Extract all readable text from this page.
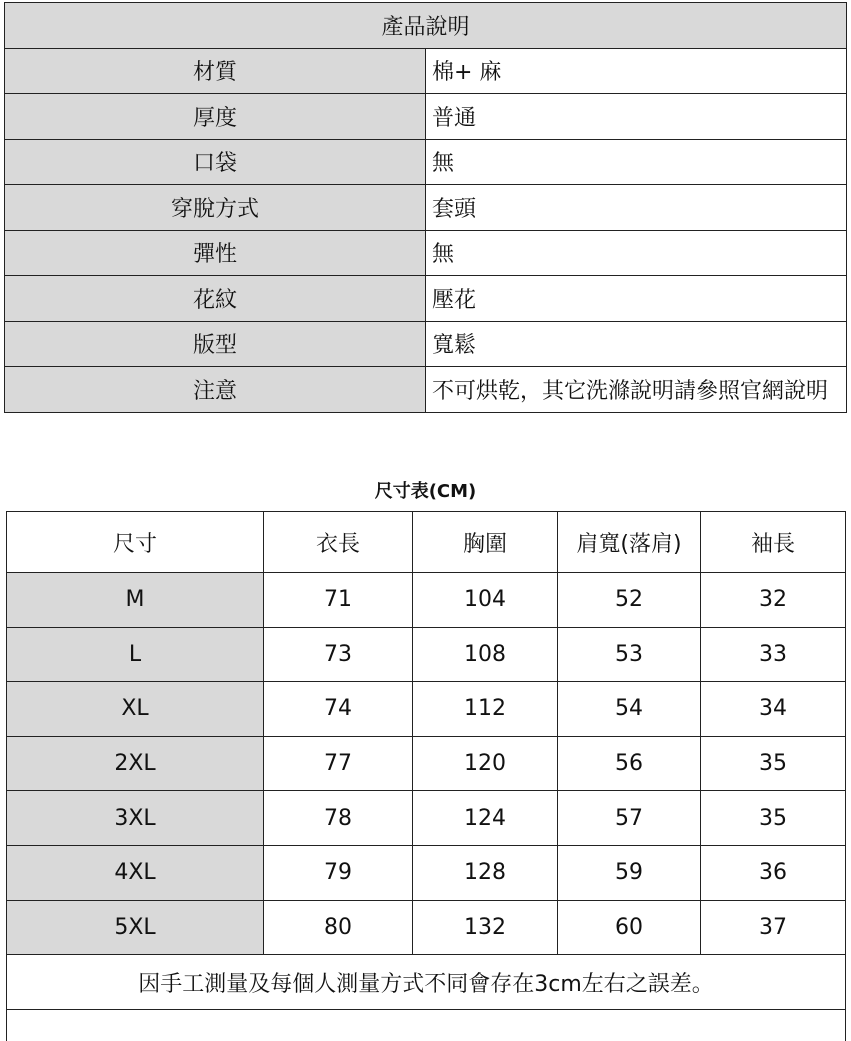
產品說明	
材質	棉+ 麻
厚度	普通
口袋	無
穿脫方式	套頭
彈性	無
花紋	壓花
版型	寬鬆
注意	不可烘乾，其它洗滌說明請參照官網說明
尺寸表(CM)
尺寸	衣長	胸圍	肩寬(落肩)	袖長
M	71	104	52	32
L	73	108	53	33
XL	74	112	54	34
2XL	77	120	56	35
3XL	78	124	57	35
4XL	79	128	59	36
5XL	80	132	60	37
因手工測量及每個人測量方式不同會存在3cm左右之誤差。				
